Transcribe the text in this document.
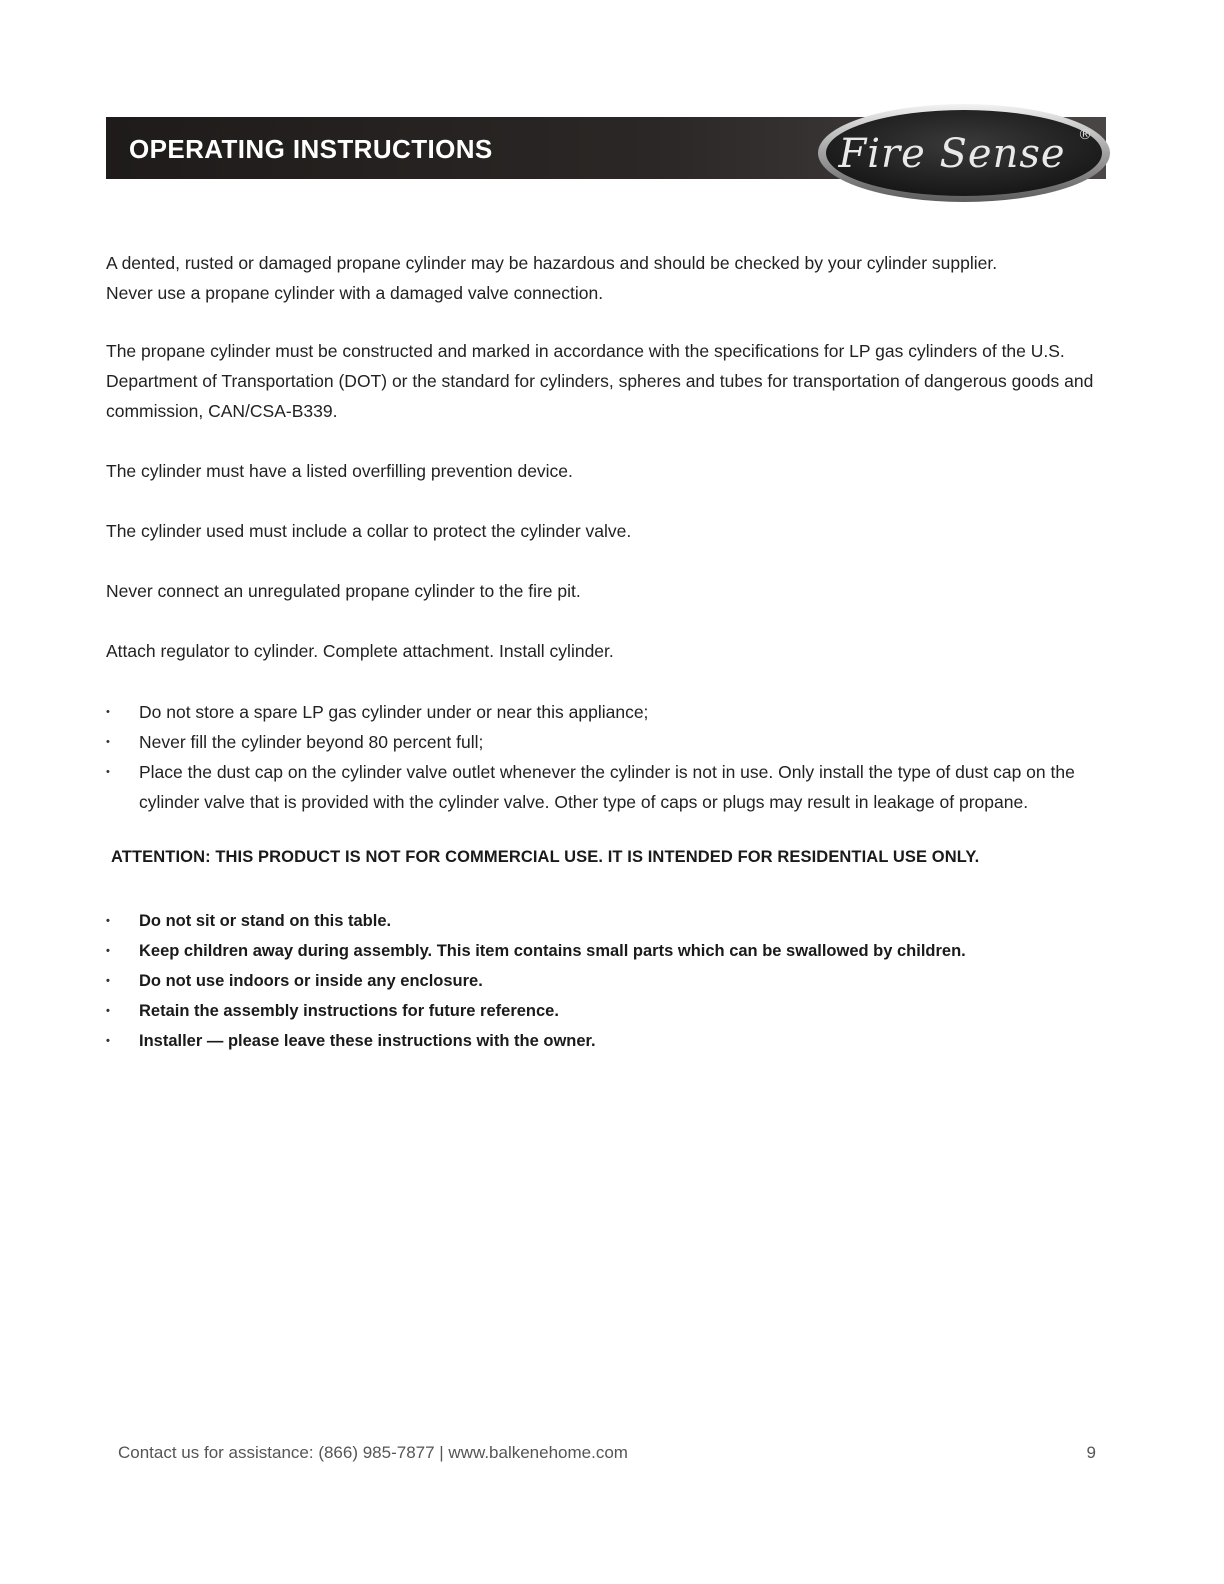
OPERATING INSTRUCTIONS	Fire Sense ®

A dented, rusted or damaged propane cylinder may be hazardous and should be checked by your cylinder supplier.
Never use a propane cylinder with a damaged valve connection.

The propane cylinder must be constructed and marked in accordance with the specifications for LP gas cylinders of the U.S. Department of Transportation (DOT) or the standard for cylinders, spheres and tubes for transportation of dangerous goods and commission, CAN/CSA-B339.

The cylinder must have a listed overfilling prevention device.

The cylinder used must include a collar to protect the cylinder valve.

Never connect an unregulated propane cylinder to the fire pit.

Attach regulator to cylinder. Complete attachment. Install cylinder.

• Do not store a spare LP gas cylinder under or near this appliance;
• Never fill the cylinder beyond 80 percent full;
• Place the dust cap on the cylinder valve outlet whenever the cylinder is not in use. Only install the type of dust cap on the cylinder valve that is provided with the cylinder valve. Other type of caps or plugs may result in leakage of propane.

ATTENTION: THIS PRODUCT IS NOT FOR COMMERCIAL USE. IT IS INTENDED FOR RESIDENTIAL USE ONLY.

• Do not sit or stand on this table.
• Keep children away during assembly. This item contains small parts which can be swallowed by children.
• Do not use indoors or inside any enclosure.
• Retain the assembly instructions for future reference.
• Installer — please leave these instructions with the owner.
Contact us for assistance: (866) 985-7877 | www.balkenehome.com	9
